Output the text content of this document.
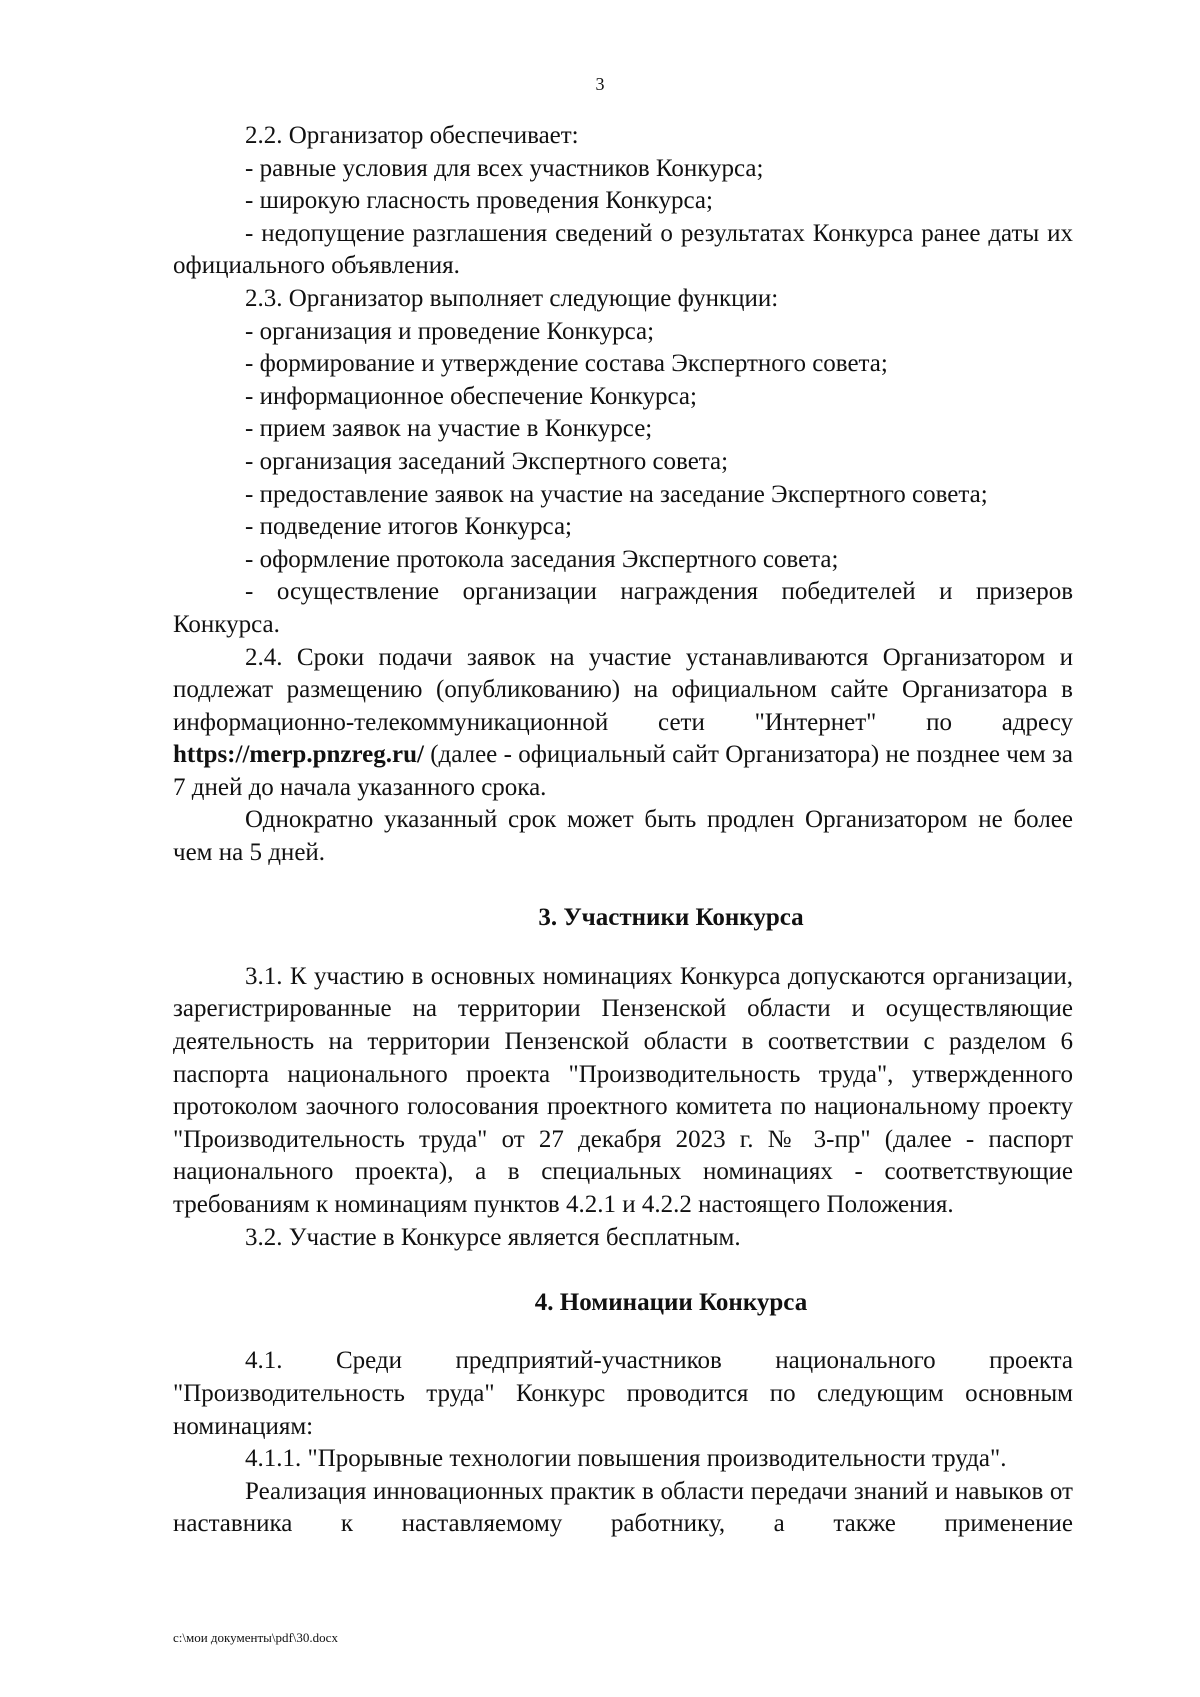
3

2.2. Организатор обеспечивает:

- равные условия для всех участников Конкурса;

- широкую гласность проведения Конкурса;

- недопущение разглашения сведений о результатах Конкурса ранее даты их официального объявления.

2.3. Организатор выполняет следующие функции:

- организация и проведение Конкурса;

- формирование и утверждение состава Экспертного совета;

- информационное обеспечение Конкурса;

- прием заявок на участие в Конкурсе;

- организация заседаний Экспертного совета;

- предоставление заявок на участие на заседание Экспертного совета;

- подведение итогов Конкурса;

- оформление протокола заседания Экспертного совета;

- осуществление организации награждения победителей и призеров Конкурса.

2.4. Сроки подачи заявок на участие устанавливаются Организатором и подлежат размещению (опубликованию) на официальном сайте Организатора в информационно-телекоммуникационной сети "Интернет" по адресу https://merp.pnzreg.ru/ (далее - официальный сайт Организатора) не позднее чем за 7 дней до начала указанного срока.

Однократно указанный срок может быть продлен Организатором не более чем на 5 дней.

3. Участники Конкурса

3.1. К участию в основных номинациях Конкурса допускаются организации, зарегистрированные на территории Пензенской области и осуществляющие деятельность на территории Пензенской области в соответствии с разделом 6 паспорта национального проекта "Производительность труда", утвержденного протоколом заочного голосования проектного комитета по национальному проекту "Производительность труда" от 27 декабря 2023 г. № 3-пр" (далее - паспорт национального проекта), а в специальных номинациях - соответствующие требованиям к номинациям пунктов 4.2.1 и 4.2.2 настоящего Положения.

3.2. Участие в Конкурсе является бесплатным.

4. Номинации Конкурса

4.1. Среди предприятий-участников национального проекта "Производительность труда" Конкурс проводится по следующим основным номинациям:

4.1.1. "Прорывные технологии повышения производительности труда".

Реализация инновационных практик в области передачи знаний и навыков от наставника к наставляемому работнику, а также применение

c:\мои документы\pdf\30.docx
